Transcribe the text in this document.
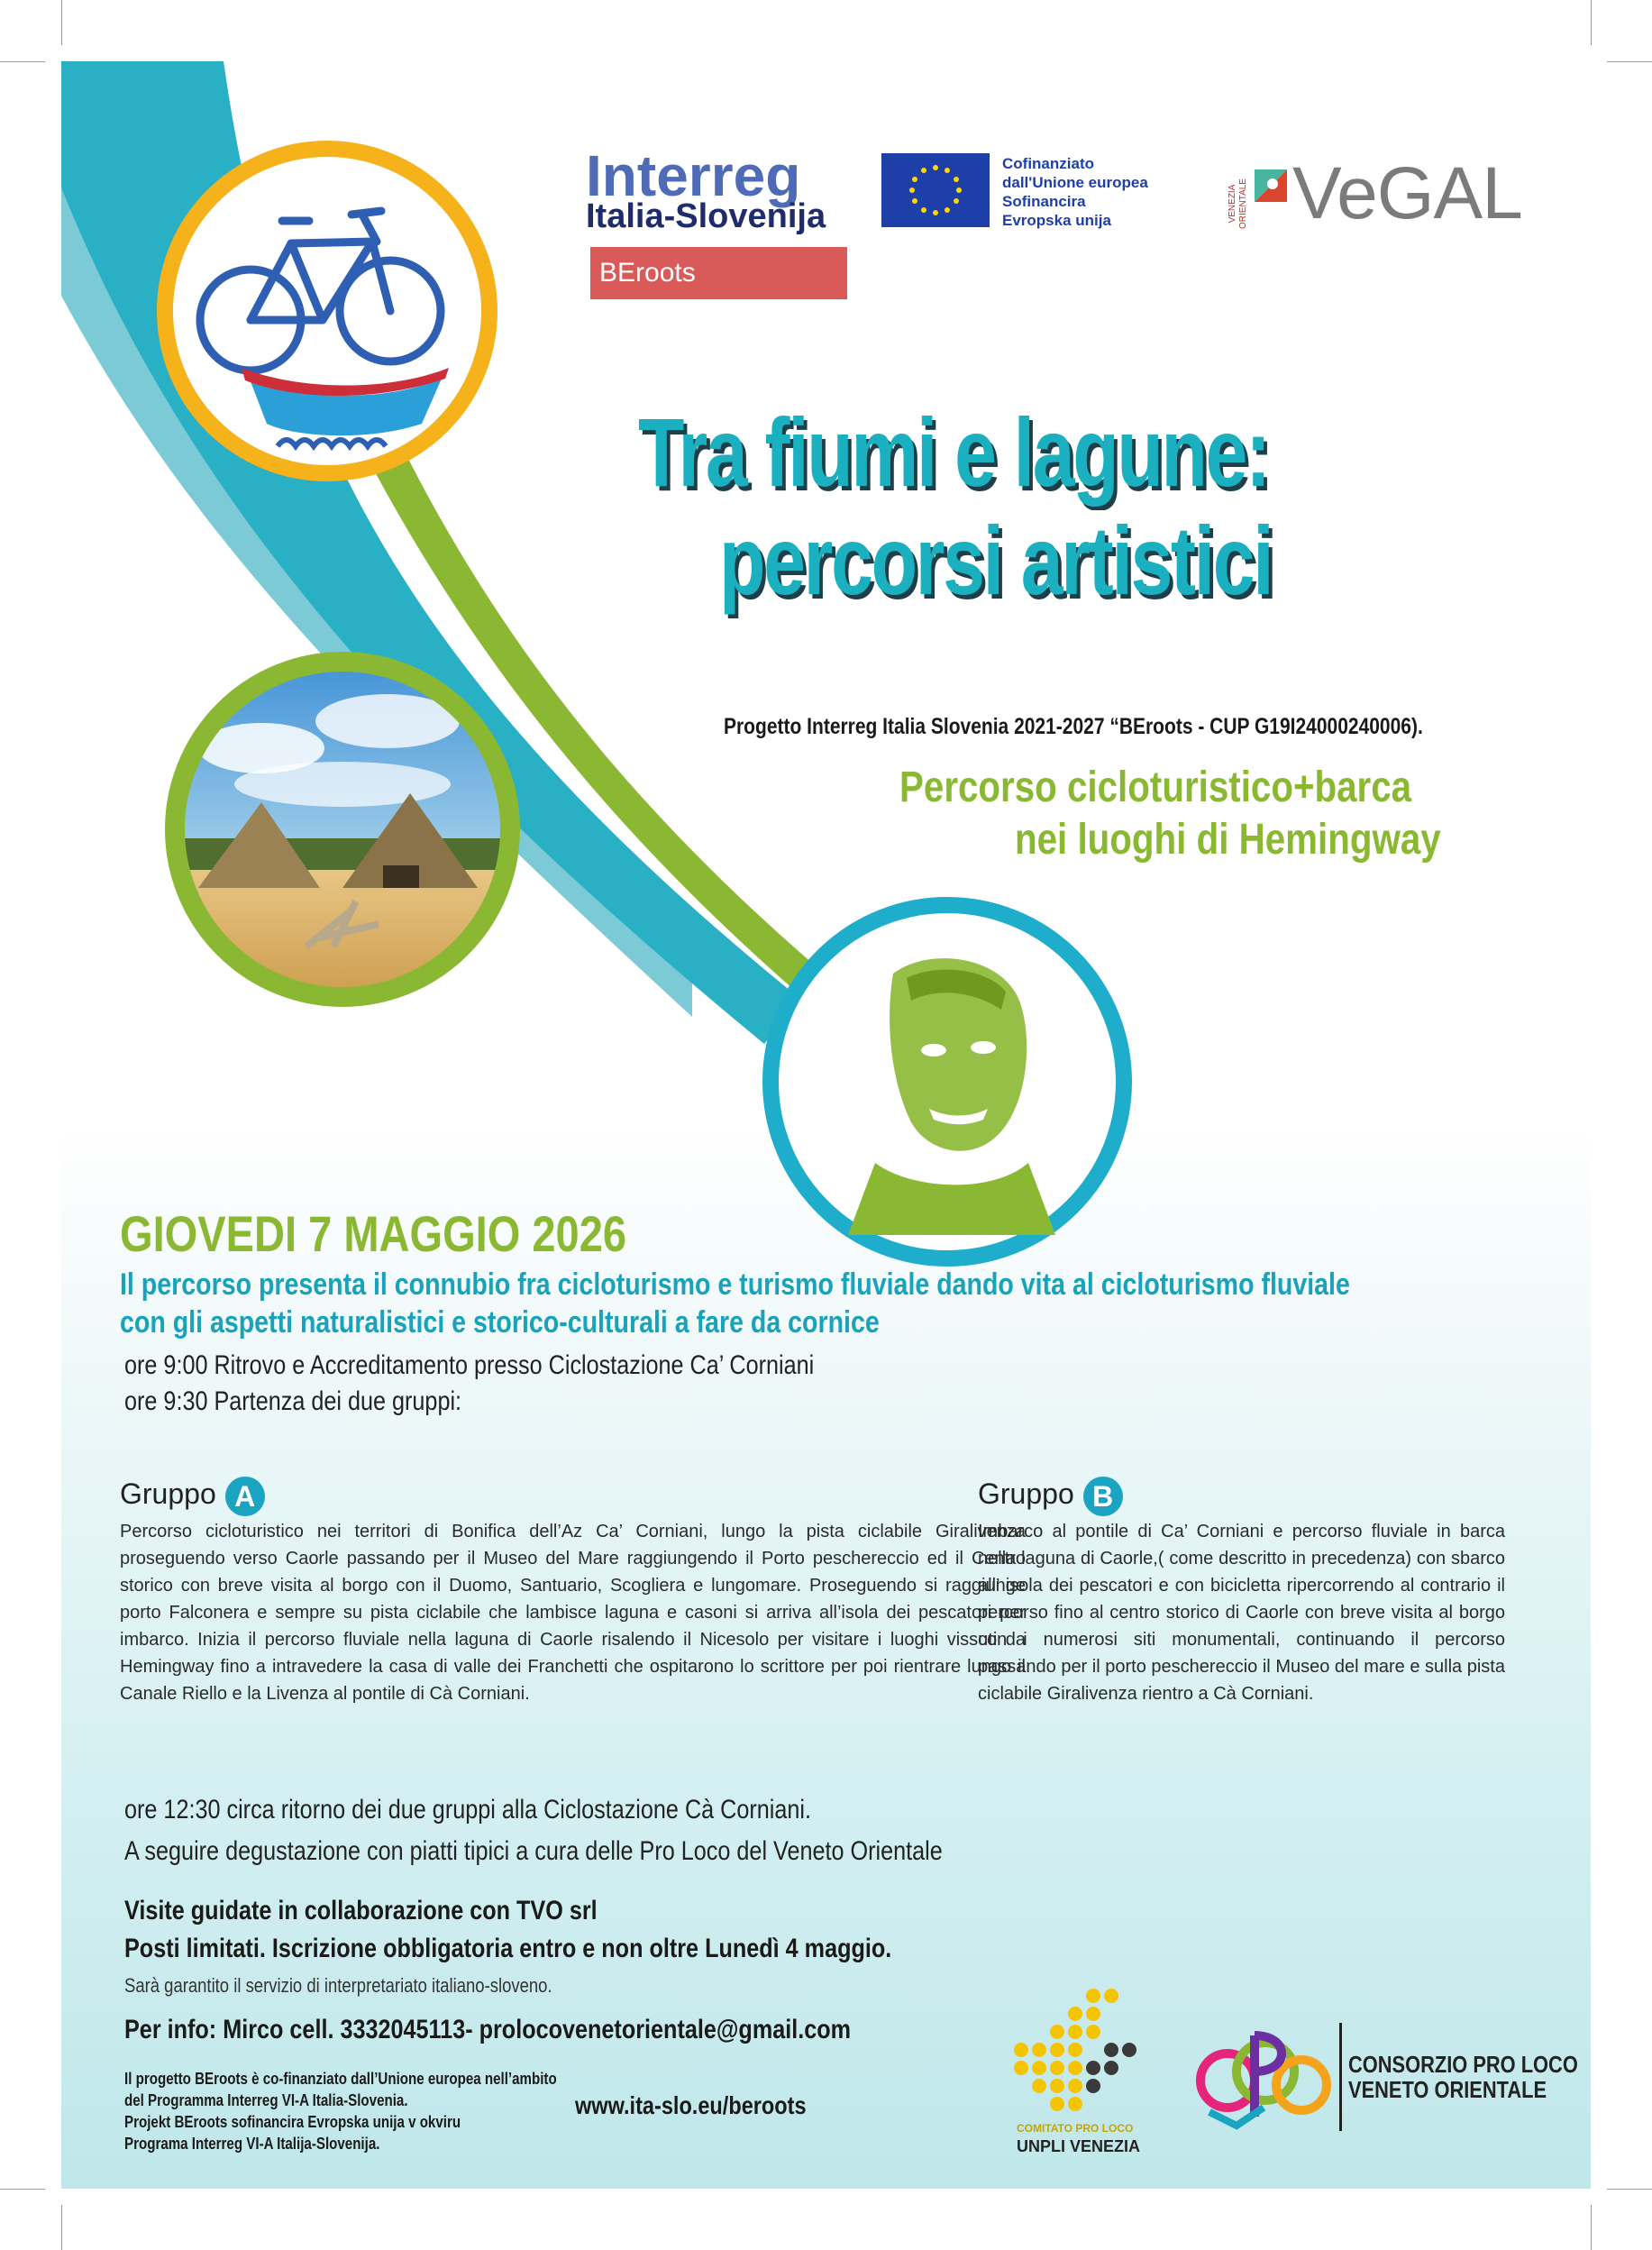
Interreg
Italia-Slovenija
BEroots
Cofinanziato
dall'Unione europea
Sofinancira
Evropska unija	VENEZIA ORIENTALE VeGAL
Tra fiumi e lagune:
percorsi artistici
Progetto Interreg Italia Slovenia 2021-2027 “BEroots - CUP G19I24000240006).
Percorso cicloturistico+barca
nei luoghi di Hemingway
GIOVEDI 7 MAGGIO 2026
Il percorso presenta il connubio fra cicloturismo e turismo fluviale dando vita al cicloturismo fluviale
con gli aspetti naturalistici e storico-culturali a fare da cornice
ore 9:00 Ritrovo e Accreditamento presso Ciclostazione Ca’ Corniani
ore 9:30 Partenza dei due gruppi:
Gruppo A
Percorso cicloturistico nei territori di Bonifica dell’Az Ca’ Corniani, lungo la pista ciclabile Giralivenza proseguendo verso Caorle passando per il Museo del Mare raggiungendo il Porto peschereccio ed il Centro storico con breve visita al borgo con il Duomo, Santuario, Scogliera e lungomare. Proseguendo si raggiunge porto Falconera e sempre su pista ciclabile che lambisce laguna e casoni si arriva all’isola dei pescatori per imbarco. Inizia il percorso fluviale nella laguna di Caorle risalendo il Nicesolo per visitare i luoghi vissuti da Hemingway fino a intravedere la casa di valle dei Franchetti che ospitarono lo scrittore per poi rientrare lungo il Canale Riello e la Livenza al pontile di Cà Corniani.
Gruppo B
Imbarco al pontile di Ca’ Corniani e percorso fluviale in barca nella laguna di Caorle,( come descritto in precedenza) con sbarco all’ isola dei pescatori e con bicicletta ripercorrendo al contrario il percorso fino al centro storico di Caorle con breve visita al borgo con i numerosi siti monumentali, continuando il percorso passando per il porto peschereccio il Museo del mare e sulla pista ciclabile Giralivenza rientro a Cà Corniani.
ore 12:30 circa ritorno dei due gruppi alla Ciclostazione Cà Corniani.
A seguire degustazione con piatti tipici a cura delle Pro Loco del Veneto Orientale
Visite guidate in collaborazione con TVO srl
Posti limitati. Iscrizione obbligatoria entro e non oltre Lunedì 4 maggio.
Sarà garantito il servizio di interpretariato italiano-sloveno.
Per info: Mirco cell. 3332045113- prolocovenetorientale@gmail.com
Il progetto BEroots è co-finanziato dall’Unione europea nell’ambito
del Programma Interreg VI-A Italia-Slovenia.
Projekt BEroots sofinancira Evropska unija v okviru
Programa Interreg VI-A Italija-Slovenija.
www.ita-slo.eu/beroots
COMITATO PRO LOCO
UNPLI VENEZIA
CONSORZIO PRO LOCO
VENETO ORIENTALE
